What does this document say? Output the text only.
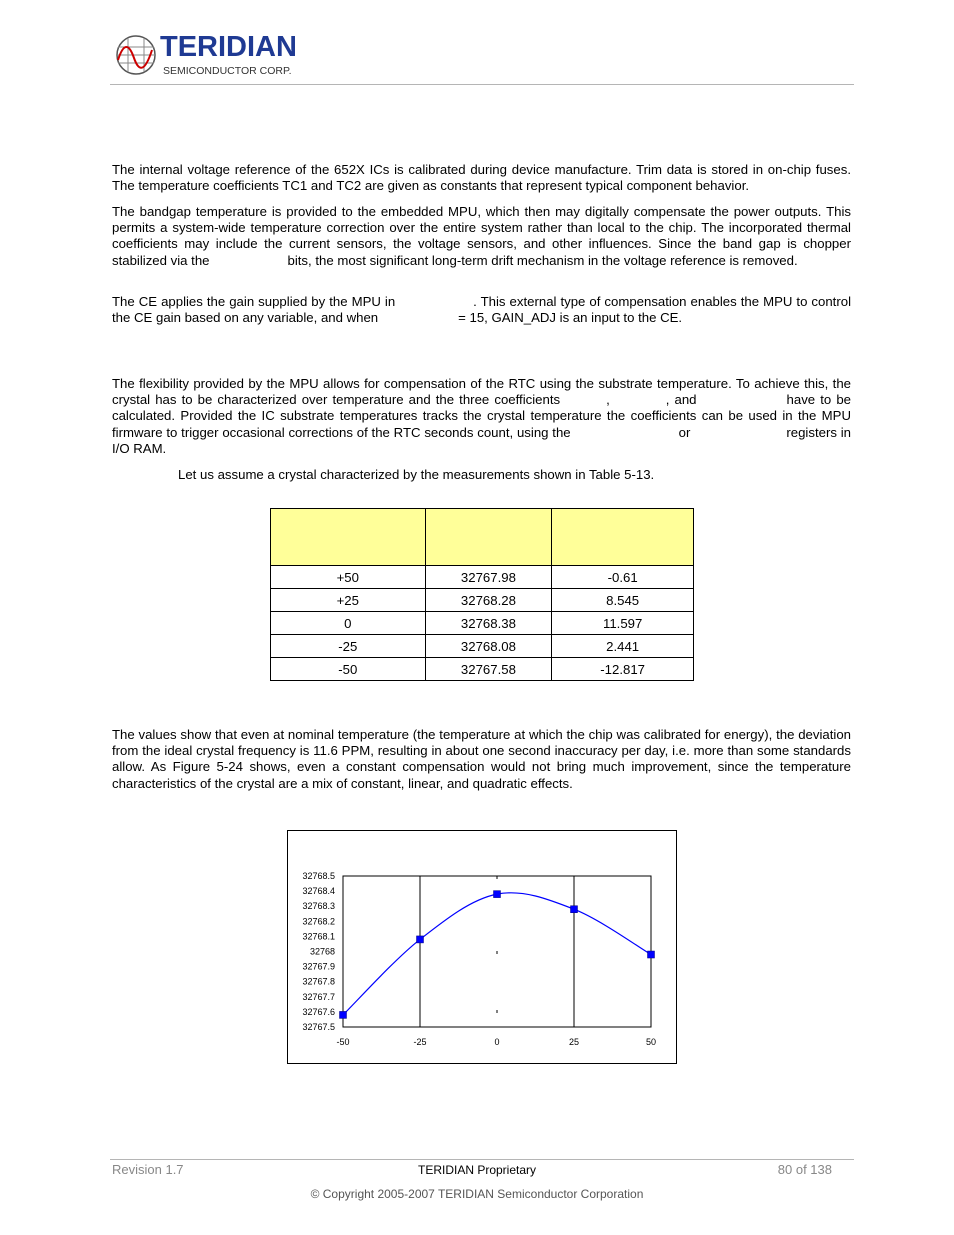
TERIDIAN
SEMICONDUCTOR CORP.

The internal voltage reference of the 652X ICs is calibrated during device manufacture. Trim data is stored in on-chip fuses. The temperature coefficients TC1 and TC2 are given as constants that represent typical component behavior.

The bandgap temperature is provided to the embedded MPU, which then may digitally compensate the power outputs. This permits a system-wide temperature correction over the entire system rather than local to the chip. The incorporated thermal coefficients may include the current sensors, the voltage sensors, and other influences. Since the band gap is chopper stabilized via the	bits, the most significant long-term drift mechanism in the voltage reference is removed.

The CE applies the gain supplied by the MPU in	. This external type of compensation enables the MPU to control the CE gain based on any variable, and when	= 15, GAIN_ADJ is an input to the CE.

The flexibility provided by the MPU allows for compensation of the RTC using the substrate temperature. To achieve this, the crystal has to be characterized over temperature and the three coefficients	,	, and	have to be calculated. Provided the IC substrate temperatures tracks the crystal temperature the coefficients can be used in the MPU firmware to trigger occasional corrections of the RTC seconds count, using the	or	registers in I/O RAM.

Let us assume a crystal characterized by the measurements shown in Table 5-13.

+50	32767.98	-0.61
+25	32768.28	8.545
0	32768.38	11.597
-25	32768.08	2.441
-50	32767.58	-12.817

The values show that even at nominal temperature (the temperature at which the chip was calibrated for energy), the deviation from the ideal crystal frequency is 11.6 PPM, resulting in about one second inaccuracy per day, i.e. more than some standards allow. As Figure 5-24 shows, even a constant compensation would not bring much improvement, since the temperature characteristics of the crystal are a mix of constant, linear, and quadratic effects.

-50	-25	0	25	50
32767.5
32767.6
32767.7
32767.8
32767.9
32768
32768.1
32768.2
32768.3
32768.4
32768.5
Revision 1.7	TERIDIAN Proprietary	80 of 138
© Copyright 2005-2007 TERIDIAN Semiconductor Corporation
